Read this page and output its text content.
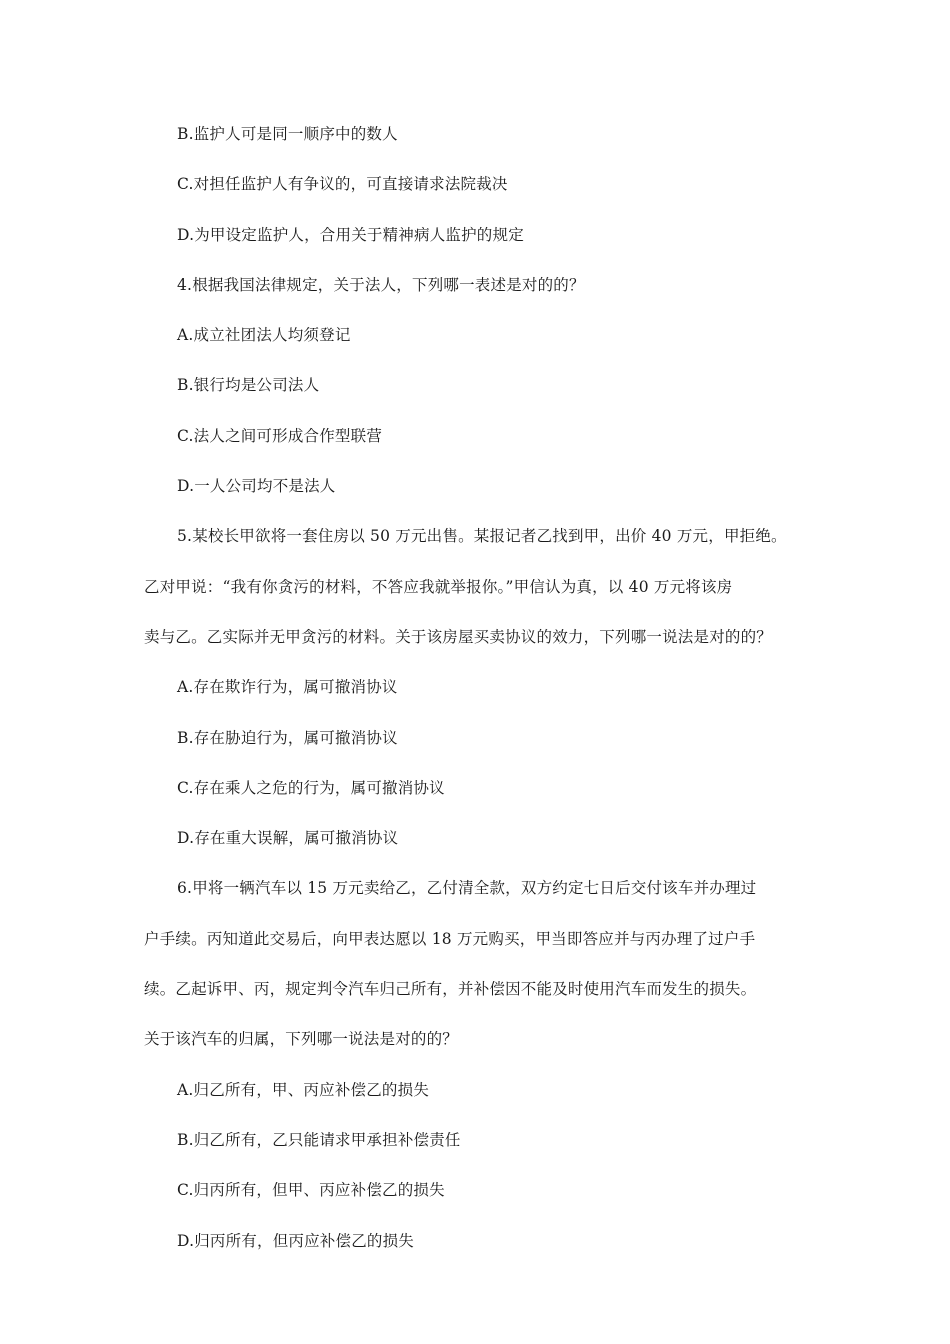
B.监护人可是同一顺序中的数人
C.对担任监护人有争议的，可直接请求法院裁决
D.为甲设定监护人，合用关于精神病人监护的规定
4.根据我国法律规定，关于法人，下列哪一表述是对的的？
A.成立社团法人均须登记
B.银行均是公司法人
C.法人之间可形成合作型联营
D.一人公司均不是法人
5.某校长甲欲将一套住房以 50 万元出售。某报记者乙找到甲，出价 40 万元，甲拒绝。
乙对甲说：“我有你贪污的材料，不答应我就举报你。”甲信认为真，以 40 万元将该房
卖与乙。乙实际并无甲贪污的材料。关于该房屋买卖协议的效力，下列哪一说法是对的的？
A.存在欺诈行为，属可撤消协议
B.存在胁迫行为，属可撤消协议
C.存在乘人之危的行为，属可撤消协议
D.存在重大误解，属可撤消协议
6.甲将一辆汽车以 15 万元卖给乙，乙付清全款，双方约定七日后交付该车并办理过
户手续。丙知道此交易后，向甲表达愿以 18 万元购买，甲当即答应并与丙办理了过户手
续。乙起诉甲、丙，规定判令汽车归己所有，并补偿因不能及时使用汽车而发生的损失。
关于该汽车的归属，下列哪一说法是对的的？
A.归乙所有，甲、丙应补偿乙的损失
B.归乙所有，乙只能请求甲承担补偿责任
C.归丙所有，但甲、丙应补偿乙的损失
D.归丙所有，但丙应补偿乙的损失
